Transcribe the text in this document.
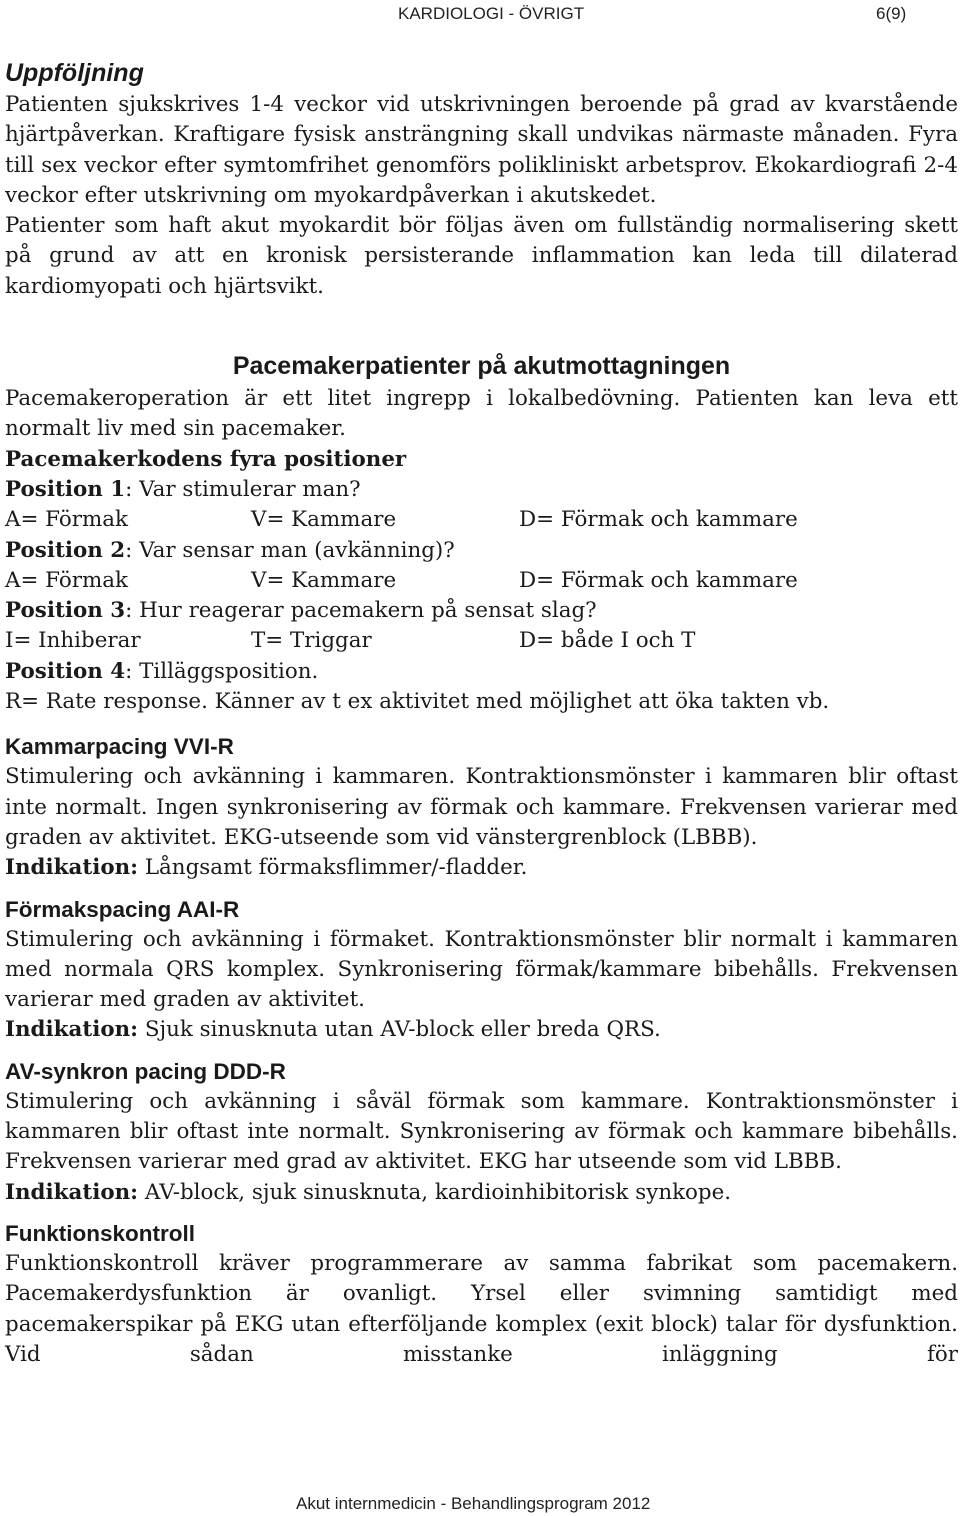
KARDIOLOGI - ÖVRIGT	6(9)
Uppföljning

Patienten sjukskrives 1-4 veckor vid utskrivningen beroende på grad av kvarstående hjärtpåverkan. Kraftigare fysisk ansträngning skall undvikas närmaste månaden. Fyra till sex veckor efter symtomfrihet genomförs polikliniskt arbetsprov. Ekokardiografi 2-4 veckor efter utskrivning om myokardpåverkan i akutskedet.

Patienter som haft akut myokardit bör följas även om fullständig normalisering skett på grund av att en kronisk persisterande inflammation kan leda till dilaterad kardiomyopati och hjärtsvikt.

Pacemakerpatienter på akutmottagningen

Pacemakeroperation är ett litet ingrepp i lokalbedövning. Patienten kan leva ett normalt liv med sin pacemaker.

Pacemakerkodens fyra positioner
Position 1: Var stimulerar man?
A= Förmak	V= Kammare	D= Förmak och kammare
Position 2: Var sensar man (avkänning)?
A= Förmak	V= Kammare	D= Förmak och kammare
Position 3: Hur reagerar pacemakern på sensat slag?
I= Inhiberar	T= Triggar	D= både I och T
Position 4: Tilläggsposition.
R= Rate response. Känner av t ex aktivitet med möjlighet att öka takten vb.
Kammarpacing VVI-R

Stimulering och avkänning i kammaren. Kontraktionsmönster i kammaren blir oftast inte normalt. Ingen synkronisering av förmak och kammare. Frekvensen varierar med graden av aktivitet. EKG-utseende som vid vänstergrenblock (LBBB).

Indikation: Långsamt förmaksflimmer/-fladder.
Förmakspacing AAI-R

Stimulering och avkänning i förmaket. Kontraktionsmönster blir normalt i kammaren med normala QRS komplex. Synkronisering förmak/kammare bibehålls. Frekvensen varierar med graden av aktivitet.

Indikation: Sjuk sinusknuta utan AV-block eller breda QRS.
AV-synkron pacing DDD-R

Stimulering och avkänning i såväl förmak som kammare. Kontraktionsmönster i kammaren blir oftast inte normalt. Synkronisering av förmak och kammare bibehålls. Frekvensen varierar med grad av aktivitet. EKG har utseende som vid LBBB.

Indikation: AV-block, sjuk sinusknuta, kardioinhibitorisk synkope.
Funktionskontroll

Funktionskontroll kräver programmerare av samma fabrikat som pacemakern. Pacemakerdysfunktion är ovanligt. Yrsel eller svimning samtidigt med pacemakerspikar på EKG utan efterföljande komplex (exit block) talar för dysfunktion. Vid sådan misstanke inläggning för

Akut internmedicin - Behandlingsprogram 2012
